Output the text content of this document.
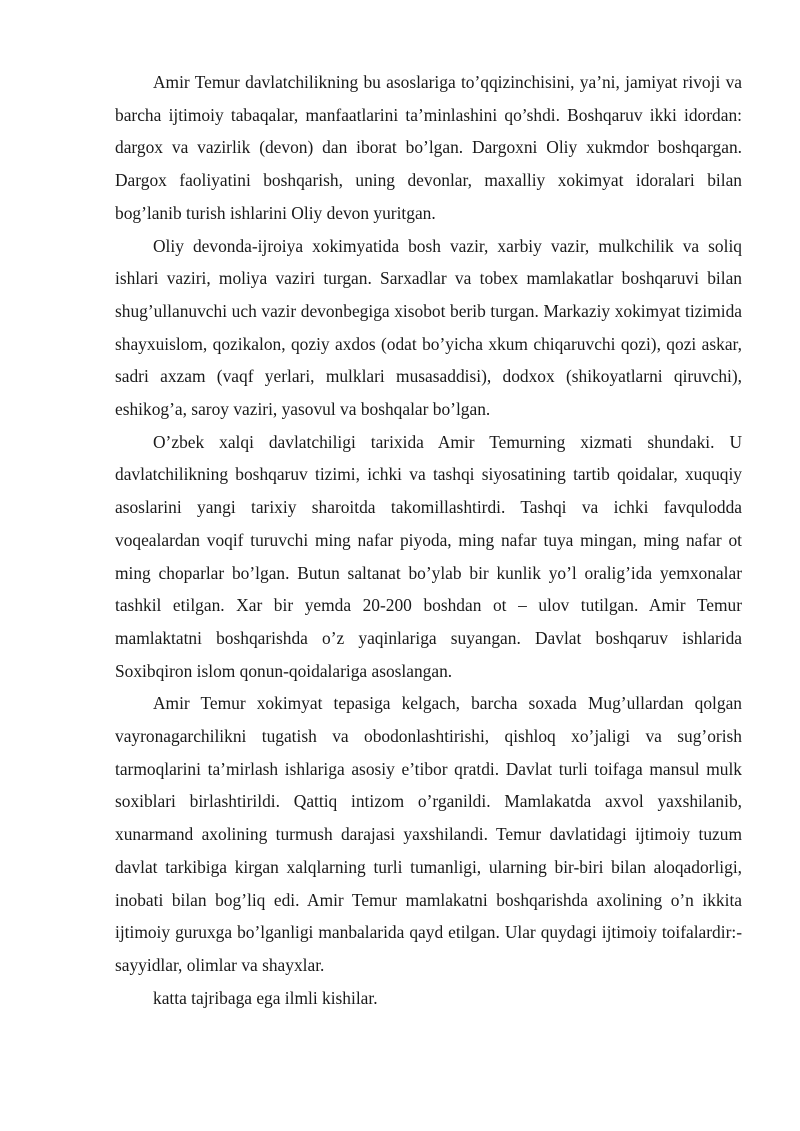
Amir Temur davlatchilikning bu asoslariga to’qqizinchisini, ya’ni, jamiyat rivoji va barcha ijtimoiy tabaqalar, manfaatlarini ta’minlashini qo’shdi. Boshqaruv ikki idordan: dargox va vazirlik (devon) dan iborat bo’lgan. Dargoxni Oliy xukmdor boshqargan. Dargox faoliyatini boshqarish, uning devonlar, maxalliy xokimyat idoralari bilan bog’lanib turish ishlarini Oliy devon yuritgan.

Oliy devonda-ijroiya xokimyatida bosh vazir, xarbiy vazir, mulkchilik va soliq ishlari vaziri, moliya vaziri turgan. Sarxadlar va tobex mamlakatlar boshqaruvi bilan shug’ullanuvchi uch vazir devonbegiga xisobot berib turgan. Markaziy xokimyat tizimida shayxuislom, qozikalon, qoziy axdos (odat bo’yicha xkum chiqaruvchi qozi), qozi askar, sadri axzam (vaqf yerlari, mulklari musasaddisi), dodxox (shikoyatlarni qiruvchi), eshikog’a, saroy vaziri, yasovul va boshqalar bo’lgan.

O’zbek xalqi davlatchiligi tarixida Amir Temurning xizmati shundaki. U davlatchilikning boshqaruv tizimi, ichki va tashqi siyosatining tartib qoidalar, xuquqiy asoslarini yangi tarixiy sharoitda takomillashtirdi. Tashqi va ichki favqulodda voqealardan voqif turuvchi ming nafar piyoda, ming nafar tuya mingan, ming nafar ot ming choparlar bo’lgan. Butun saltanat bo’ylab bir kunlik yo’l oralig’ida yemxonalar tashkil etilgan. Xar bir yemda 20-200 boshdan ot – ulov tutilgan. Amir Temur mamlaktatni boshqarishda o’z yaqinlariga suyangan. Davlat boshqaruv ishlarida Soxibqiron islom qonun-qoidalariga asoslangan.

Amir Temur xokimyat tepasiga kelgach, barcha soxada Mug’ullardan qolgan vayronagarchilikni tugatish va obodonlashtirishi, qishloq xo’jaligi va sug’orish tarmoqlarini ta’mirlash ishlariga asosiy e’tibor qratdi. Davlat turli toifaga mansul mulk soxiblari birlashtirildi. Qattiq intizom o’rganildi. Mamlakatda axvol yaxshilanib, xunarmand axolining turmush darajasi yaxshilandi. Temur davlatidagi ijtimoiy tuzum davlat tarkibiga kirgan xalqlarning turli tumanligi, ularning bir-biri bilan aloqadorligi, inobati bilan bog’liq edi. Amir Temur mamlakatni boshqarishda axolining o’n ikkita ijtimoiy guruxga bo’lganligi manbalarida qayd etilgan. Ular quydagi ijtimoiy toifalardir:-sayyidlar, olimlar va shayxlar.

katta tajribaga ega ilmli kishilar.
